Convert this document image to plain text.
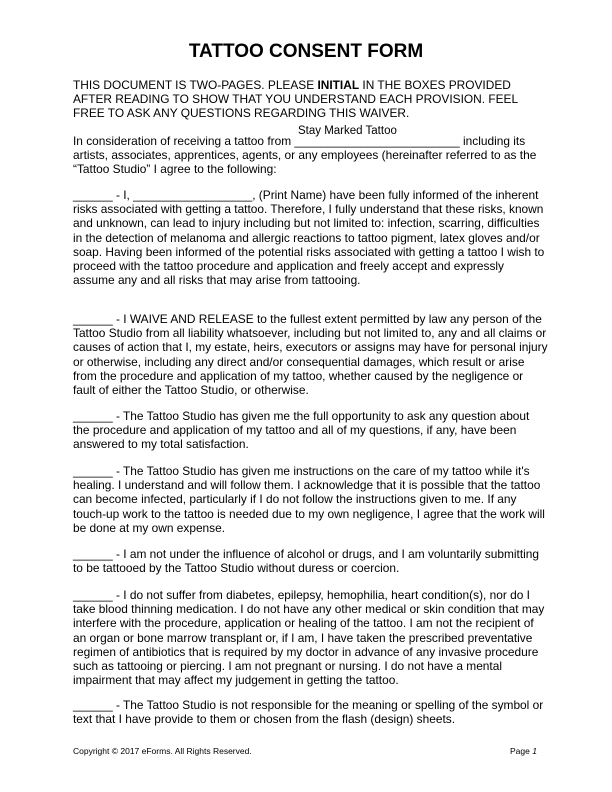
TATTOO CONSENT FORM

THIS DOCUMENT IS TWO-PAGES. PLEASE INITIAL IN THE BOXES PROVIDED AFTER READING TO SHOW THAT YOU UNDERSTAND EACH PROVISION. FEEL FREE TO ASK ANY QUESTIONS REGARDING THIS WAIVER.

Stay Marked Tattoo

In consideration of receiving a tattoo from _________________________ including its artists, associates, apprentices, agents, or any employees (hereinafter referred to as the “Tattoo Studio” I agree to the following:

______ - I, __________________, (Print Name) have been fully informed of the inherent risks associated with getting a tattoo. Therefore, I fully understand that these risks, known and unknown, can lead to injury including but not limited to: infection, scarring, difficulties in the detection of melanoma and allergic reactions to tattoo pigment, latex gloves and/or soap. Having been informed of the potential risks associated with getting a tattoo I wish to proceed with the tattoo procedure and application and freely accept and expressly assume any and all risks that may arise from tattooing.

______ - I WAIVE AND RELEASE to the fullest extent permitted by law any person of the Tattoo Studio from all liability whatsoever, including but not limited to, any and all claims or causes of action that I, my estate, heirs, executors or assigns may have for personal injury or otherwise, including any direct and/or consequential damages, which result or arise from the procedure and application of my tattoo, whether caused by the negligence or fault of either the Tattoo Studio, or otherwise.

______ - The Tattoo Studio has given me the full opportunity to ask any question about the procedure and application of my tattoo and all of my questions, if any, have been answered to my total satisfaction.

______ - The Tattoo Studio has given me instructions on the care of my tattoo while it's healing. I understand and will follow them. I acknowledge that it is possible that the tattoo can become infected, particularly if I do not follow the instructions given to me. If any touch-up work to the tattoo is needed due to my own negligence, I agree that the work will be done at my own expense.

______ - I am not under the influence of alcohol or drugs, and I am voluntarily submitting to be tattooed by the Tattoo Studio without duress or coercion.

______ - I do not suffer from diabetes, epilepsy, hemophilia, heart condition(s), nor do I take blood thinning medication. I do not have any other medical or skin condition that may interfere with the procedure, application or healing of the tattoo. I am not the recipient of an organ or bone marrow transplant or, if I am, I have taken the prescribed preventative regimen of antibiotics that is required by my doctor in advance of any invasive procedure such as tattooing or piercing. I am not pregnant or nursing. I do not have a mental impairment that may affect my judgement in getting the tattoo.

______ - The Tattoo Studio is not responsible for the meaning or spelling of the symbol or text that I have provide to them or chosen from the flash (design) sheets.

Copyright © 2017 eForms. All Rights Reserved.	Page 1
